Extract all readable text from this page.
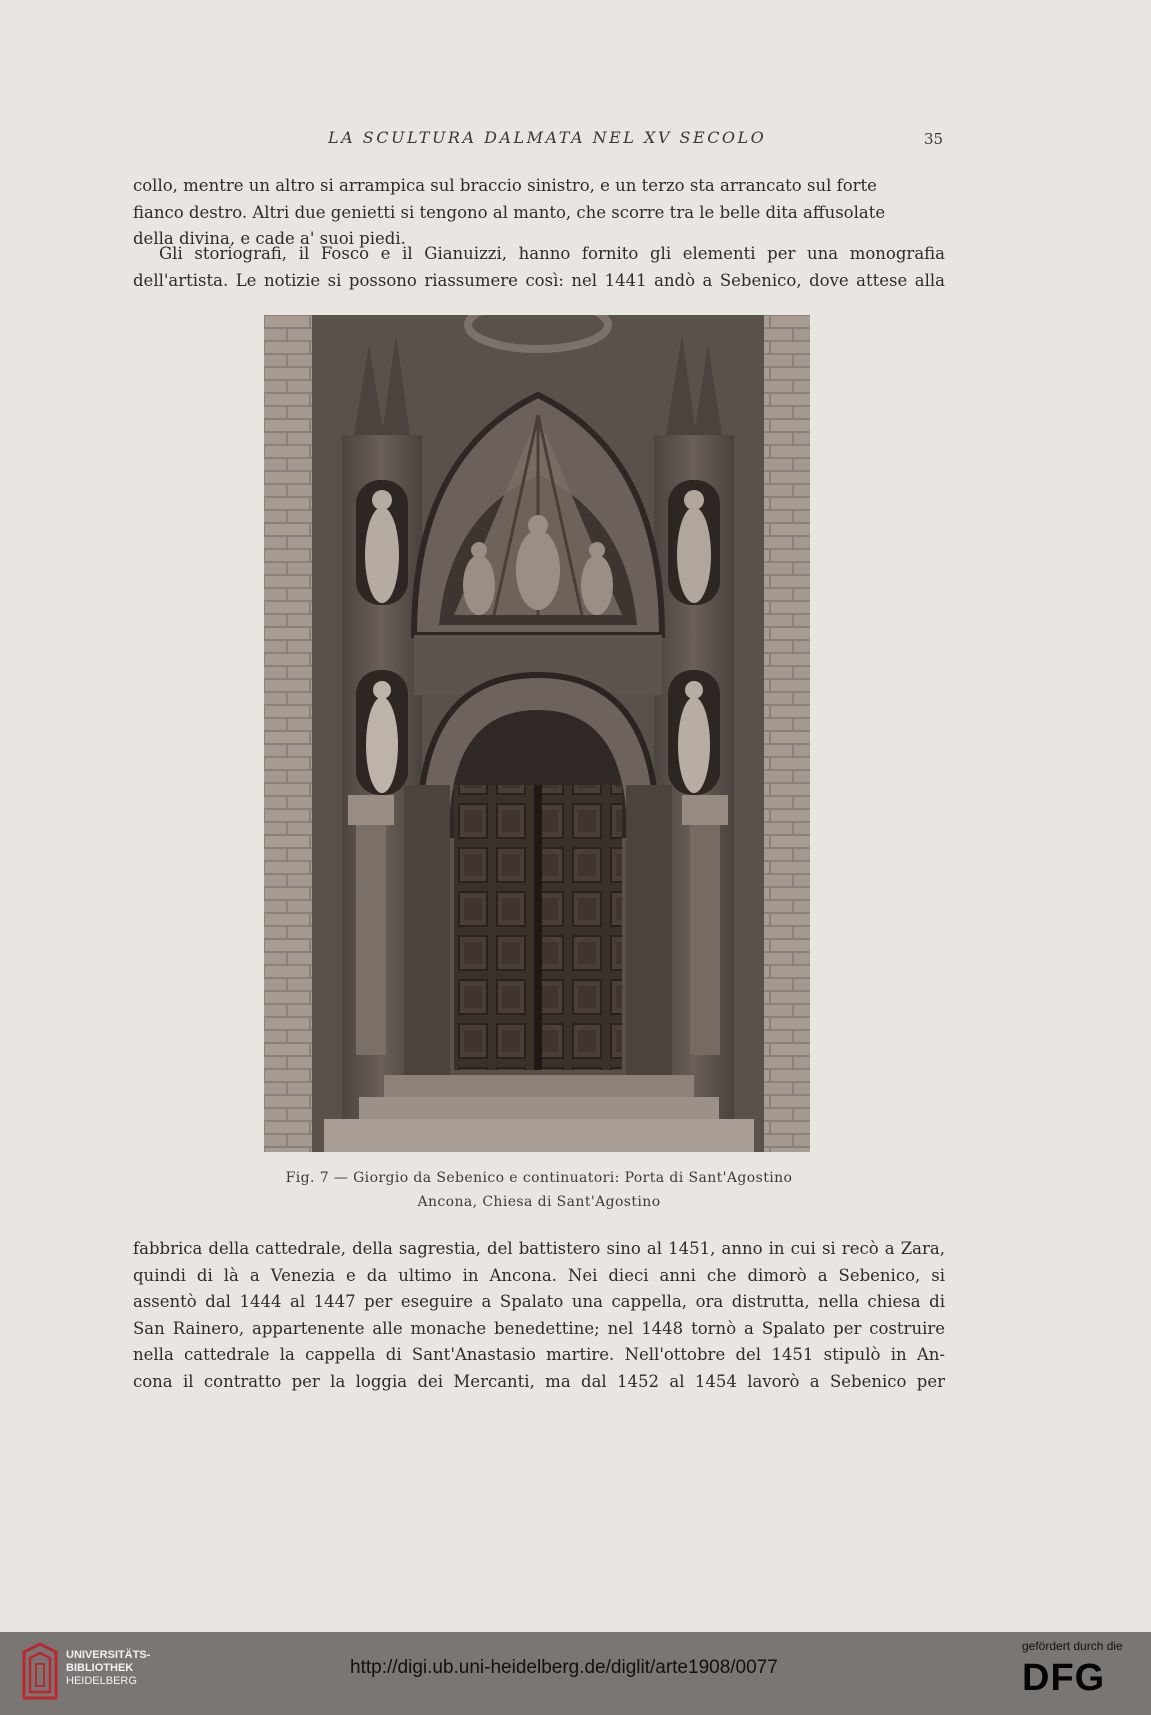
LA SCULTURA DALMATA NEL XV SECOLO	35
collo, mentre un altro si arrampica sul braccio sinistro, e un terzo sta arrancato sul forte
fianco destro. Altri due genietti si tengono al manto, che scorre tra le belle dita affusolate
della divina, e cade a' suoi piedi.
Gli storiografi, il Fosco e il Gianuizzi, hanno fornito gli elementi per una monografia
dell'artista. Le notizie si possono riassumere così: nel 1441 andò a Sebenico, dove attese alla
Fig. 7 — Giorgio da Sebenico e continuatori: Porta di Sant'Agostino
Ancona, Chiesa di Sant'Agostino
fabbrica della cattedrale, della sagrestia, del battistero sino al 1451, anno in cui si recò a Zara,
quindi di là a Venezia e da ultimo in Ancona. Nei dieci anni che dimorò a Sebenico, si
assentò dal 1444 al 1447 per eseguire a Spalato una cappella, ora distrutta, nella chiesa di
San Rainero, appartenente alle monache benedettine; nel 1448 tornò a Spalato per costruire
nella cattedrale la cappella di Sant'Anastasio martire. Nell'ottobre del 1451 stipulò in An-
cona il contratto per la loggia dei Mercanti, ma dal 1452 al 1454 lavorò a Sebenico per
UNIVERSITÄTS-
BIBLIOTHEK
HEIDELBERG
http://digi.ub.uni-heidelberg.de/diglit/arte1908/0077
gefördert durch die
DFG
